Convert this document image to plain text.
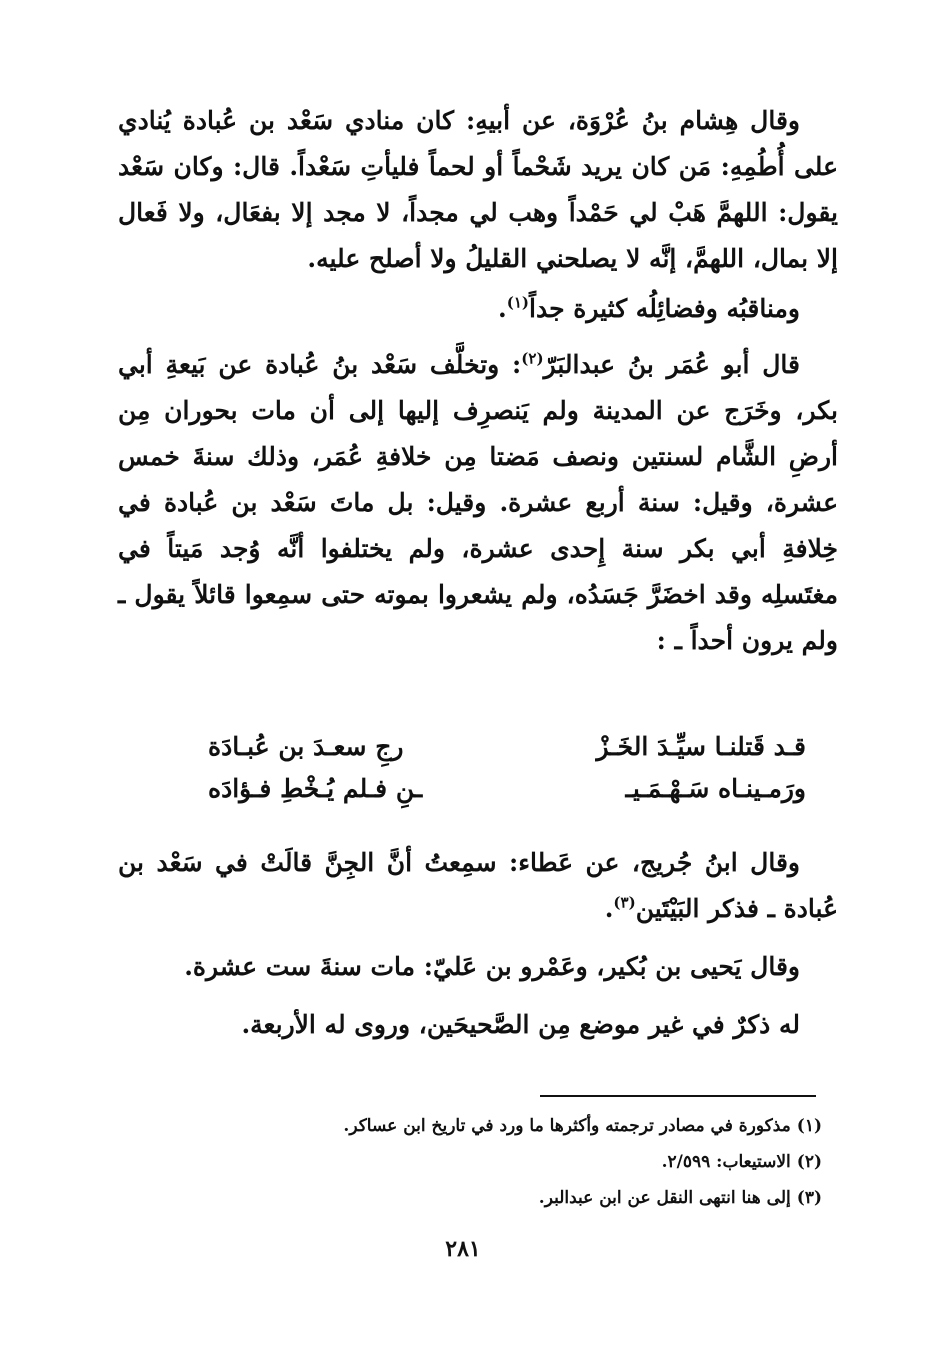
وقال هِشام بنُ عُرْوَة، عن أبيهِ: كان منادي سَعْد بن عُبادة يُنادي على أُطُمِهِ: مَن كان يريد شَحْماً أو لحماً فليأتِ سَعْداً. قال: وكان سَعْد يقول: اللهمَّ هَبْ لي حَمْداً وهب لي مجداً، لا مجد إلا بفعَال، ولا فَعال إلا بمال، اللهمَّ، إنَّه لا يصلحني القليلُ ولا أصلح عليه.

ومناقبُه وفضائِلُه كثيرة جداً$^{(١)}$.

قال أبو عُمَر بنُ عبدالبَرّ$^{(٢)}$: وتخلَّف سَعْد بنُ عُبادة عن بَيعةِ أبي بكر، وخَرَج عن المدينة ولم يَنصرِف إليها إلى أن مات بحوران مِن أرضِ الشَّام لسنتين ونصف مَضتا مِن خلافةِ عُمَر، وذلك سنةَ خمس عشرة، وقيل: سنة أربع عشرة. وقيل: بل ماتَ سَعْد بن عُبادة في خِلافةِ أبي بكر سنة إِحدى عشرة، ولم يختلفوا أنَّه وُجد مَيتاً في مغتَسلِه وقد اخضَرَّ جَسَدُه، ولم يشعروا بموته حتى سمِعوا قائلاً يقول ـ ولم يرون أحداً ـ :

قـد قَتلنـا سيِّـدَ الخَـزْ
رجِ سعـدَ بن عُبـادَة
ورَمـينـاه سَـهْـمَـيـ
ـنِ فـلم يُـخْطِ فـؤادَه

وقال ابنُ جُريج، عن عَطاء: سمِعتُ أنَّ الجِنَّ قالَتْ في سَعْد بن عُبادة ـ فذكر البَيْتَين$^{(٣)}$.

وقال يَحيى بن بُكير، وعَمْرو بن عَليّ: مات سنةَ ست عشرة.

له ذكرٌ في غير موضع مِن الصَّحيحَين، وروى له الأربعة.

(١)مذكورة في مصادر ترجمته وأكثرها ما ورد في تاريخ ابن عساكر.

(٢)الاستيعاب: ٢/٥٩٩.

(٣)إلى هنا انتهى النقل عن ابن عبدالبر.

٢٨١
